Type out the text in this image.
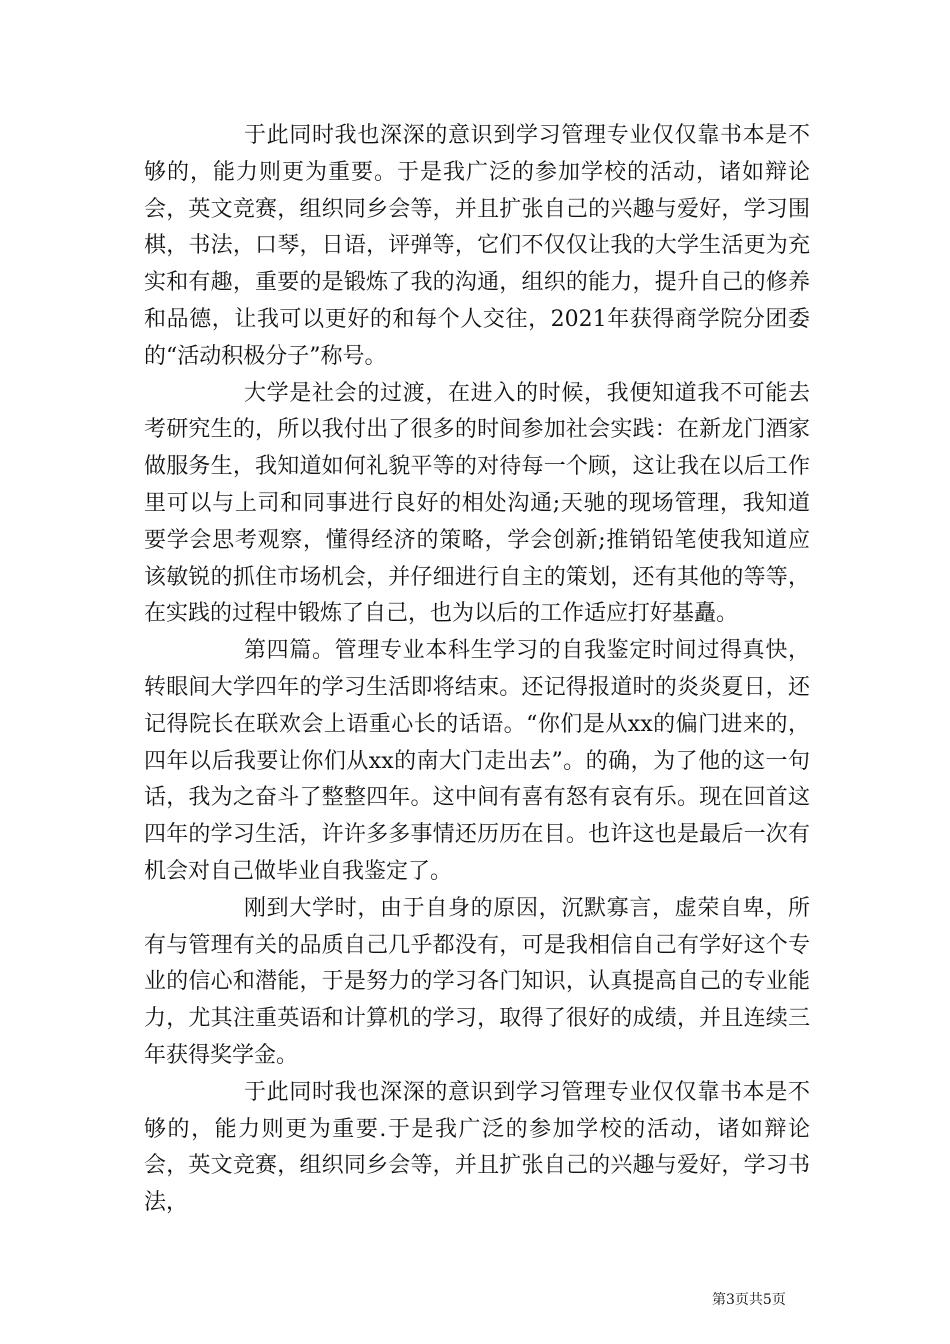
于此同时我也深深的意识到学习管理专业仅仅靠书本是不够的，能力则更为重要。于是我广泛的参加学校的活动，诸如辩论会，英文竞赛，组织同乡会等，并且扩张自己的兴趣与爱好，学习围棋，书法，口琴，日语，评弹等，它们不仅仅让我的大学生活更为充实和有趣，重要的是锻炼了我的沟通，组织的能力，提升自己的修养和品德，让我可以更好的和每个人交往，2021年获得商学院分团委的“活动积极分子”称号。

大学是社会的过渡，在进入的时候，我便知道我不可能去考研究生的，所以我付出了很多的时间参加社会实践：在新龙门酒家做服务生，我知道如何礼貌平等的对待每一个顾，这让我在以后工作里可以与上司和同事进行良好的相处沟通;天驰的现场管理，我知道要学会思考观察，懂得经济的策略，学会创新;推销铅笔使我知道应该敏锐的抓住市场机会，并仔细进行自主的策划，还有其他的等等，在实践的过程中锻炼了自己，也为以后的工作适应打好基矗。

第四篇。管理专业本科生学习的自我鉴定时间过得真快，转眼间大学四年的学习生活即将结束。还记得报道时的炎炎夏日，还记得院长在联欢会上语重心长的话语。“你们是从xx的偏门进来的，四年以后我要让你们从xx的南大门走出去”。的确，为了他的这一句话，我为之奋斗了整整四年。这中间有喜有怒有哀有乐。现在回首这四年的学习生活，许许多多事情还历历在目。也许这也是最后一次有机会对自己做毕业自我鉴定了。

刚到大学时，由于自身的原因，沉默寡言，虚荣自卑，所有与管理有关的品质自己几乎都没有，可是我相信自己有学好这个专业的信心和潜能，于是努力的学习各门知识，认真提高自己的专业能力，尤其注重英语和计算机的学习，取得了很好的成绩，并且连续三年获得奖学金。

于此同时我也深深的意识到学习管理专业仅仅靠书本是不够的，能力则更为重要.于是我广泛的参加学校的活动，诸如辩论会，英文竞赛，组织同乡会等，并且扩张自己的兴趣与爱好，学习书法，

第3页共5页
